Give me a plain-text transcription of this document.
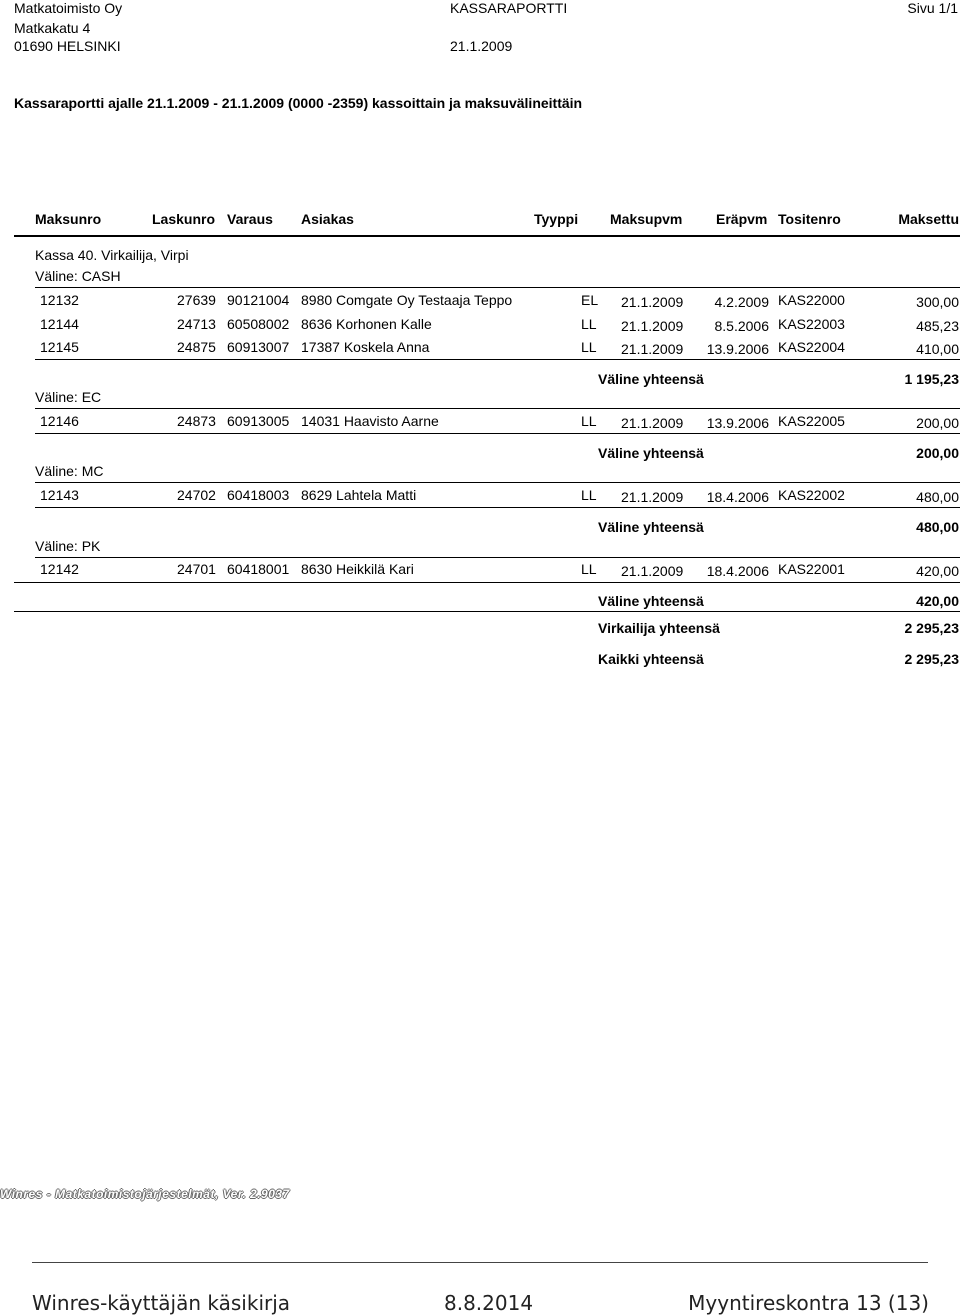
Matkatoimisto Oy
Matkakatu 4
01690 HELSINKI
KASSARAPORTTI
21.1.2009
Sivu 1/1
Kassaraportti ajalle 21.1.2009 - 21.1.2009 (0000 -2359) kassoittain ja maksuvälineittäin
Maksunro	Laskunro Varaus Asiakas	Tyyppi Maksupvm Eräpvm Tositenro	Maksettu
Kassa 40. Virkailija, Virpi
Väline: CASH
12132	27639 90121004 8980 Comgate Oy Testaaja Teppo	EL 21.1.2009 4.2.2009 KAS22000	300,00
12144	24713 60508002 8636 Korhonen Kalle	LL 21.1.2009 8.5.2006 KAS22003	485,23
12145	24875 60913007 17387 Koskela Anna	LL 21.1.2009 13.9.2006 KAS22004	410,00
Väline yhteensä	1 195,23
Väline: EC
12146	24873 60913005 14031 Haavisto Aarne	LL 21.1.2009 13.9.2006 KAS22005	200,00
Väline yhteensä	200,00
Väline: MC
12143	24702 60418003 8629 Lahtela Matti	LL 21.1.2009 18.4.2006 KAS22002	480,00
Väline yhteensä	480,00
Väline: PK
12142	24701 60418001 8630 Heikkilä Kari	LL 21.1.2009 18.4.2006 KAS22001	420,00
Väline yhteensä	420,00
Virkailija yhteensä	2 295,23
Kaikki yhteensä	2 295,23
Winres - Matkatoimistojärjestelmät, Ver. 2.9037
Winres-käyttäjän käsikirja	8.8.2014	Myyntireskontra 13 (13)
